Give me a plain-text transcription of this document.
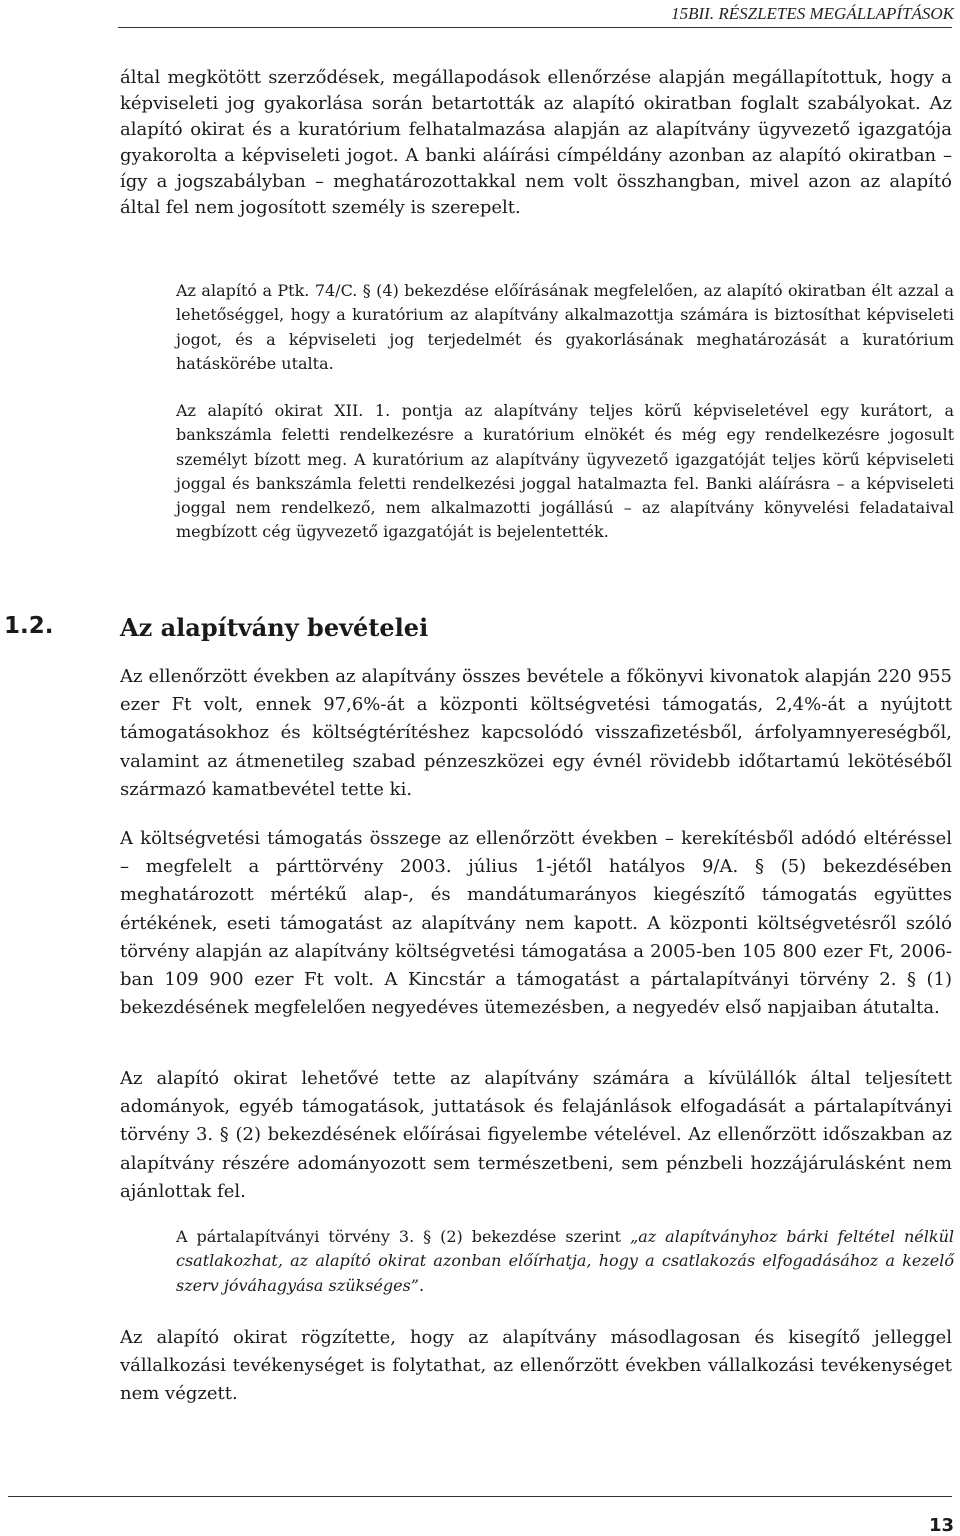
15BII. RÉSZLETES MEGÁLLAPÍTÁSOK

által megkötött szerződések, megállapodások ellenőrzése alapján megállapítottuk, hogy a képviseleti jog gyakorlása során betartották az alapító okiratban foglalt szabályokat. Az alapító okirat és a kuratórium felhatalmazása alapján az alapítvány ügyvezető igazgatója gyakorolta a képviseleti jogot. A banki aláírási címpéldány azonban az alapító okiratban – így a jogszabályban – meghatározottakkal nem volt összhangban, mivel azon az alapító által fel nem jogosított személy is szerepelt.

Az alapító a Ptk. 74/C. § (4) bekezdése előírásának megfelelően, az alapító okiratban élt azzal a lehetőséggel, hogy a kuratórium az alapítvány alkalmazottja számára is biztosíthat képviseleti jogot, és a képviseleti jog terjedelmét és gyakorlásának meghatározását a kuratórium hatáskörébe utalta.

Az alapító okirat XII. 1. pontja az alapítvány teljes körű képviseletével egy kurátort, a bankszámla feletti rendelkezésre a kuratórium elnökét és még egy rendelkezésre jogosult személyt bízott meg. A kuratórium az alapítvány ügyvezető igazgatóját teljes körű képviseleti joggal és bankszámla feletti rendelkezési joggal hatalmazta fel. Banki aláírásra – a képviseleti joggal nem rendelkező, nem alkalmazotti jogállású – az alapítvány könyvelési feladataival megbízott cég ügyvezető igazgatóját is bejelentették.

1.2.	Az alapítvány bevételei

Az ellenőrzött években az alapítvány összes bevétele a főkönyvi kivonatok alapján 220 955 ezer Ft volt, ennek 97,6%-át a központi költségvetési támogatás, 2,4%-át a nyújtott támogatásokhoz és költségtérítéshez kapcsolódó visszafizetésből, árfolyamnyereségből, valamint az átmenetileg szabad pénzeszközei egy évnél rövidebb időtartamú lekötéséből származó kamatbevétel tette ki.

A költségvetési támogatás összege az ellenőrzött években – kerekítésből adódó eltéréssel – megfelelt a párttörvény 2003. július 1-jétől hatályos 9/A. § (5) bekezdésében meghatározott mértékű alap-, és mandátumarányos kiegészítő támogatás együttes értékének, eseti támogatást az alapítvány nem kapott. A központi költségvetésről szóló törvény alapján az alapítvány költségvetési támogatása a 2005-ben 105 800 ezer Ft, 2006-ban 109 900 ezer Ft volt. A Kincstár a támogatást a pártalapítványi törvény 2. § (1) bekezdésének megfelelően negyedéves ütemezésben, a negyedév első napjaiban átutalta.

Az alapító okirat lehetővé tette az alapítvány számára a kívülállók által teljesített adományok, egyéb támogatások, juttatások és felajánlások elfogadását a pártalapítványi törvény 3. § (2) bekezdésének előírásai figyelembe vételével. Az ellenőrzött időszakban az alapítvány részére adományozott sem természetbeni, sem pénzbeli hozzájárulásként nem ajánlottak fel.

A pártalapítványi törvény 3. § (2) bekezdése szerint „az alapítványhoz bárki feltétel nélkül csatlakozhat, az alapító okirat azonban előírhatja, hogy a csatlakozás elfogadásához a kezelő szerv jóváhagyása szükséges”.

Az alapító okirat rögzítette, hogy az alapítvány másodlagosan és kisegítő jelleggel vállalkozási tevékenységet is folytathat, az ellenőrzött években vállalkozási tevékenységet nem végzett.

13
